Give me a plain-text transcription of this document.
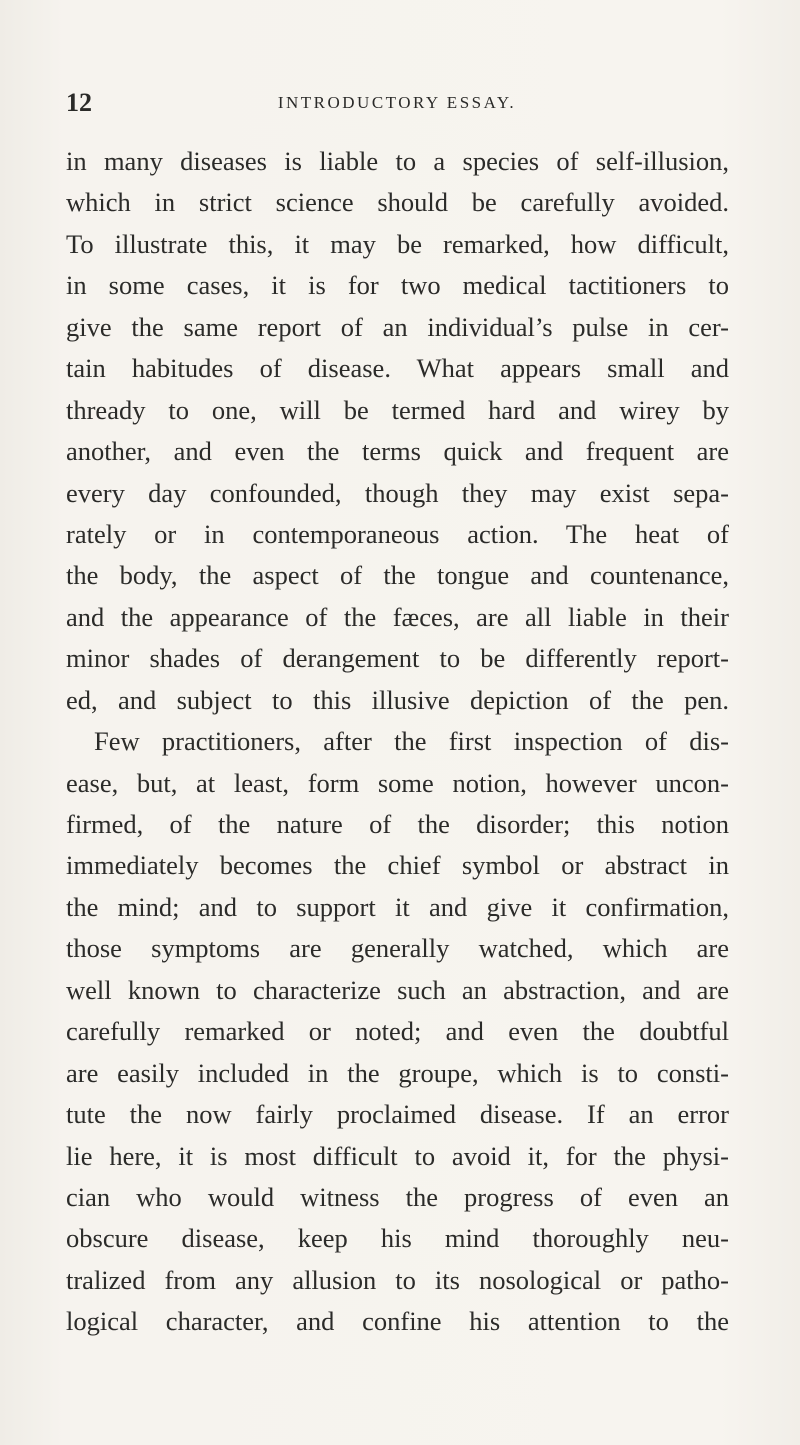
12	INTRODUCTORY ESSAY.
in many diseases is liable to a species of self-illusion,
which in strict science should be carefully avoided.
To illustrate this, it may be remarked, how difficult,
in some cases, it is for two medical tactitioners to
give the same report of an individual’s pulse in cer-
tain habitudes of disease. What appears small and
thready to one, will be termed hard and wirey by
another, and even the terms quick and frequent are
every day confounded, though they may exist sepa-
rately or in contemporaneous action. The heat of
the body, the aspect of the tongue and countenance,
and the appearance of the fæces, are all liable in their
minor shades of derangement to be differently report-
ed, and subject to this illusive depiction of the pen.
Few practitioners, after the first inspection of dis-
ease, but, at least, form some notion, however uncon-
firmed, of the nature of the disorder; this notion
immediately becomes the chief symbol or abstract in
the mind; and to support it and give it confirmation,
those symptoms are generally watched, which are
well known to characterize such an abstraction, and are
carefully remarked or noted; and even the doubtful
are easily included in the groupe, which is to consti-
tute the now fairly proclaimed disease. If an error
lie here, it is most difficult to avoid it, for the physi-
cian who would witness the progress of even an
obscure disease, keep his mind thoroughly neu-
tralized from any allusion to its nosological or patho-
logical character, and confine his attention to the
